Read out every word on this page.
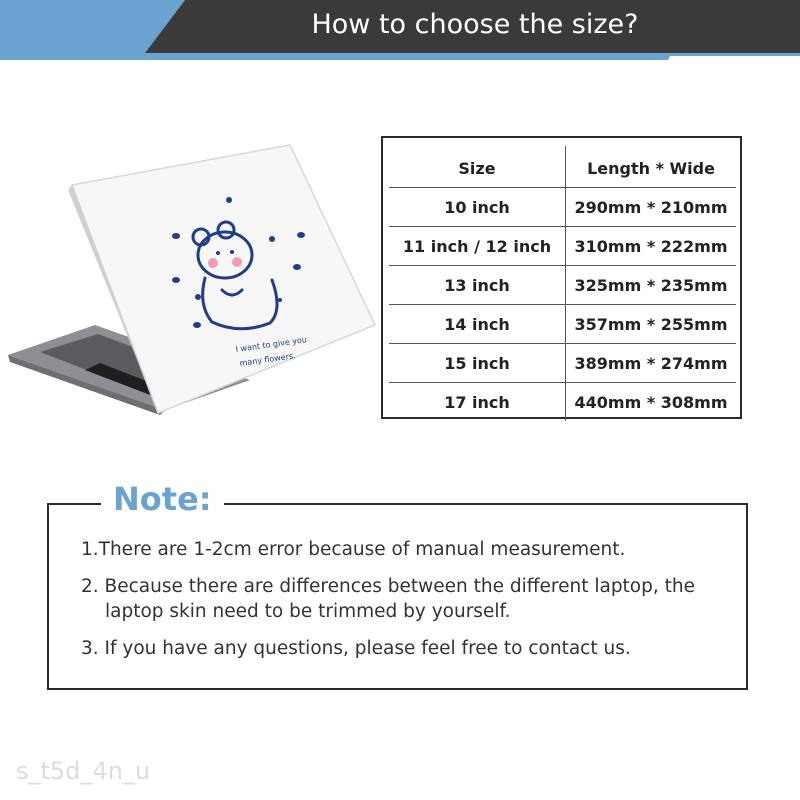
How to choose the size?
I want to give you
many flowers.
Size	Length * Wide
10 inch	290mm * 210mm
11 inch / 12 inch	310mm * 222mm
13 inch	325mm * 235mm
14 inch	357mm * 255mm
15 inch	389mm * 274mm
17 inch	440mm * 308mm
Note:
1.There are 1-2cm error because of manual measurement.
2. Because there are differences between the different laptop, the
laptop skin need to be trimmed by yourself.
3. If you have any questions, please feel free to contact us.
s_t5d_4n_u
